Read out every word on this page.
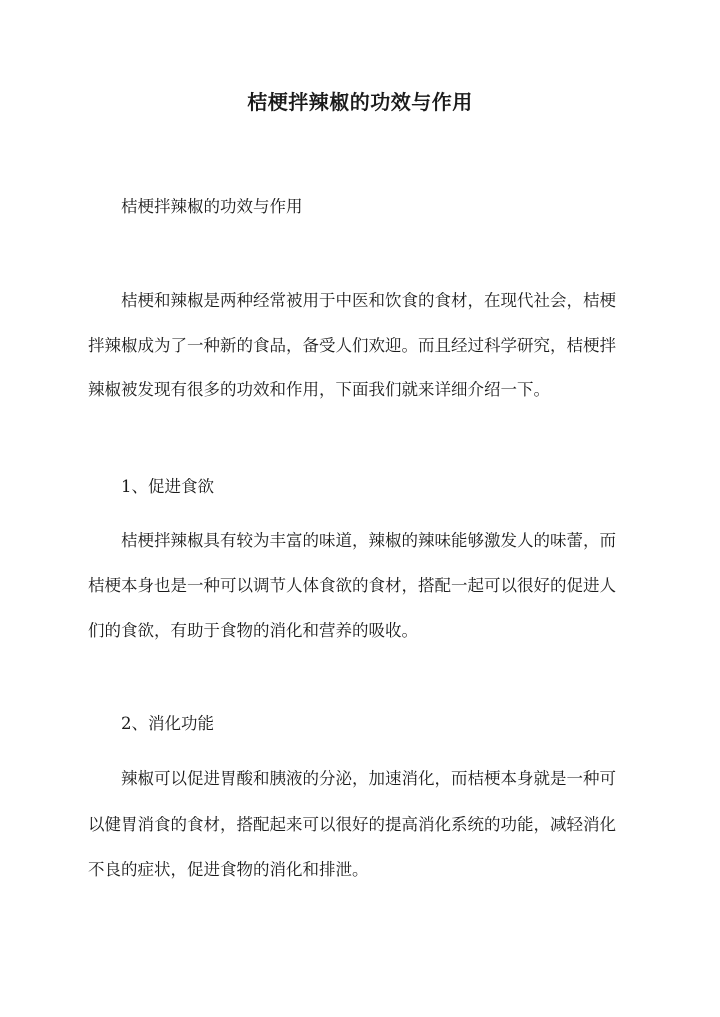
桔梗拌辣椒的功效与作用
桔梗拌辣椒的功效与作用
桔梗和辣椒是两种经常被用于中医和饮食的食材，在现代社会，桔梗
拌辣椒成为了一种新的食品，备受人们欢迎。而且经过科学研究，桔梗拌
辣椒被发现有很多的功效和作用，下面我们就来详细介绍一下。
1、促进食欲
桔梗拌辣椒具有较为丰富的味道，辣椒的辣味能够激发人的味蕾，而
桔梗本身也是一种可以调节人体食欲的食材，搭配一起可以很好的促进人
们的食欲，有助于食物的消化和营养的吸收。
2、消化功能
辣椒可以促进胃酸和胰液的分泌，加速消化，而桔梗本身就是一种可
以健胃消食的食材，搭配起来可以很好的提高消化系统的功能，减轻消化
不良的症状，促进食物的消化和排泄。
